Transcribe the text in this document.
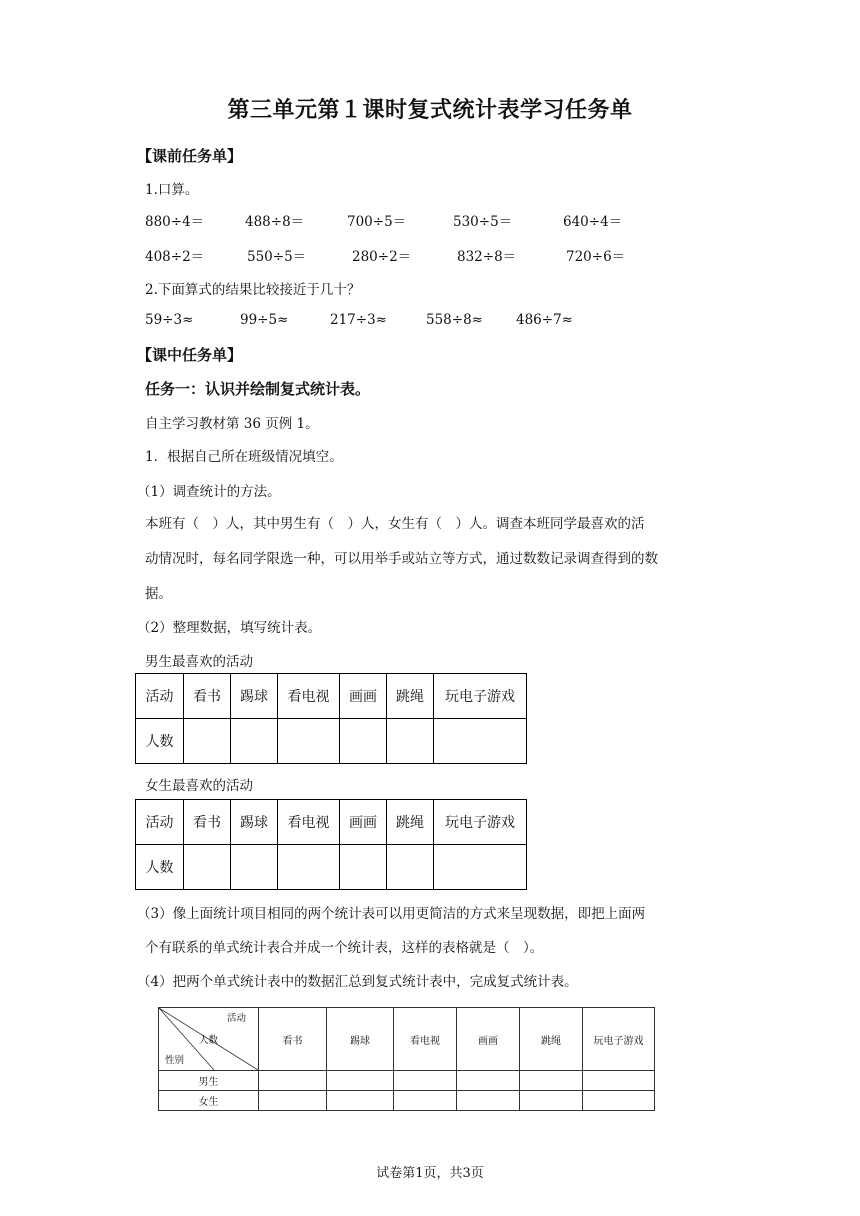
第三单元第１课时复式统计表学习任务单
【课前任务单】
1.口算。
880÷4＝	488÷8＝	700÷5＝	530÷5＝	640÷4＝
408÷2＝	550÷5＝	280÷2＝	832÷8＝	720÷6＝
2.下面算式的结果比较接近于几十？
59÷3≈	99÷5≈	217÷3≈	558÷8≈ 486÷7≈
【课中任务单】
任务一：认识并绘制复式统计表。
自主学习教材第 36 页例 1。
1．根据自己所在班级情况填空。
（1）调查统计的方法。
本班有（　）人，其中男生有（　）人，女生有（　）人。调查本班同学最喜欢的活
动情况时，每名同学限选一种，可以用举手或站立等方式，通过数数记录调查得到的数
据。
（2）整理数据，填写统计表。
男生最喜欢的活动
活动	看书	踢球	看电视	画画	跳绳	玩电子游戏
人数						
女生最喜欢的活动
活动	看书	踢球	看电视	画画	跳绳	玩电子游戏
人数						
（3）像上面统计项目相同的两个统计表可以用更简洁的方式来呈现数据，即把上面两
个有联系的单式统计表合并成一个统计表，这样的表格就是（　）。
（4）把两个单式统计表中的数据汇总到复式统计表中，完成复式统计表。
活动
人数
性别	看书	踢球	看电视	画画	跳绳	玩电子游戏
男生						
女生						
试卷第1页，共3页
